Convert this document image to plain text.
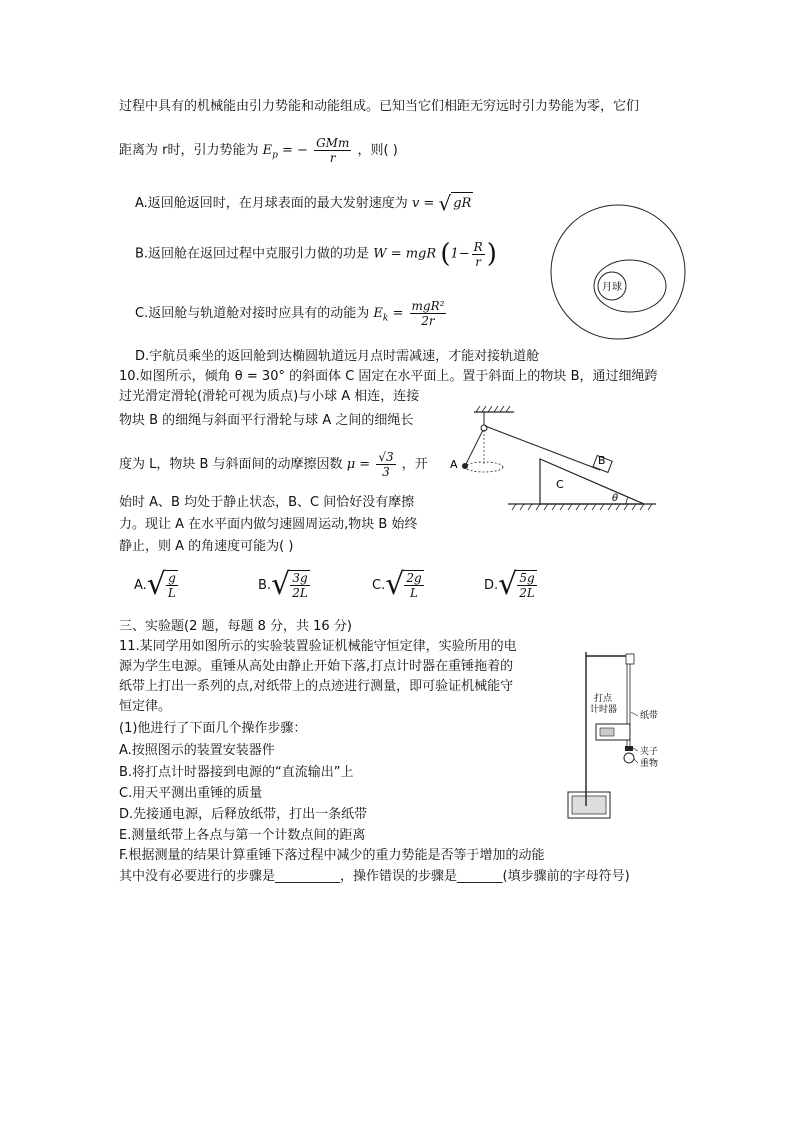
过程中具有的机械能由引力势能和动能组成。已知当它们相距无穷远时引力势能为零，它们
距离为 r时，引力势能为 $E_p$ = − $\frac{\text{GMm}}{r}$ ，则( )
A.返回舱返回时，在月球表面的最大发射速度为 v = √ gR
B.返回舱在返回过程中克服引力做的功是 W = mgR ($1- \frac{R}{r}$ )
C.返回舱与轨道舱对接时应具有的动能为 $E_k = \frac{\text{mgR²}}{2r}$
D.宇航员乘坐的返回舱到达椭圆轨道远月点时需减速，才能对接轨道舱
月球
10.如图所示，倾角 θ = 30° 的斜面体 C 固定在水平面上。置于斜面上的物块 B，通过细绳跨
过光滑定滑轮(滑轮可视为质点)与小球 A 相连，连接
物块 B 的细绳与斜面平行滑轮与球 A 之间的细绳长
度为 L，物块 B 与斜面间的动摩擦因数 $\mu = \frac{√3}{3}$ ，开
始时 A、B 均处于静止状态，B、C 间恰好没有摩擦
力。现让 A 在水平面内做匀速圆周运动,物块 B 始终
静止，则 A 的角速度可能为( )
$A.√ \frac{g}{L}$	$B.√ \frac{3g}{2L}$	$C.√ \frac{2g}{L}$	$D.√ \frac{5g}{2L}$
A
C
B
θ
三、实验题(2 题，每题 8 分，共 16 分)
11.某同学用如图所示的实验装置验证机械能守恒定律，实验所用的电
源为学生电源。重锤从高处由静止开始下落,打点计时器在重锤拖着的
纸带上打出一系列的点,对纸带上的点迹进行测量，即可验证机械能守
恒定律。
(1)他进行了下面几个操作步骤：
A.按照图示的装置安装器件
B.将打点计时器接到电源的“直流输出”上
C.用天平测出重锤的质量
D.先接通电源，后释放纸带，打出一条纸带
E.测量纸带上各点与第一个计数点间的距离
F.根据测量的结果计算重锤下落过程中减少的重力势能是否等于增加的动能
其中没有必要进行的步骤是__________，操作错误的步骤是_______(填步骤前的字母符号)
打点
计时器
纸带
夹子
重物
